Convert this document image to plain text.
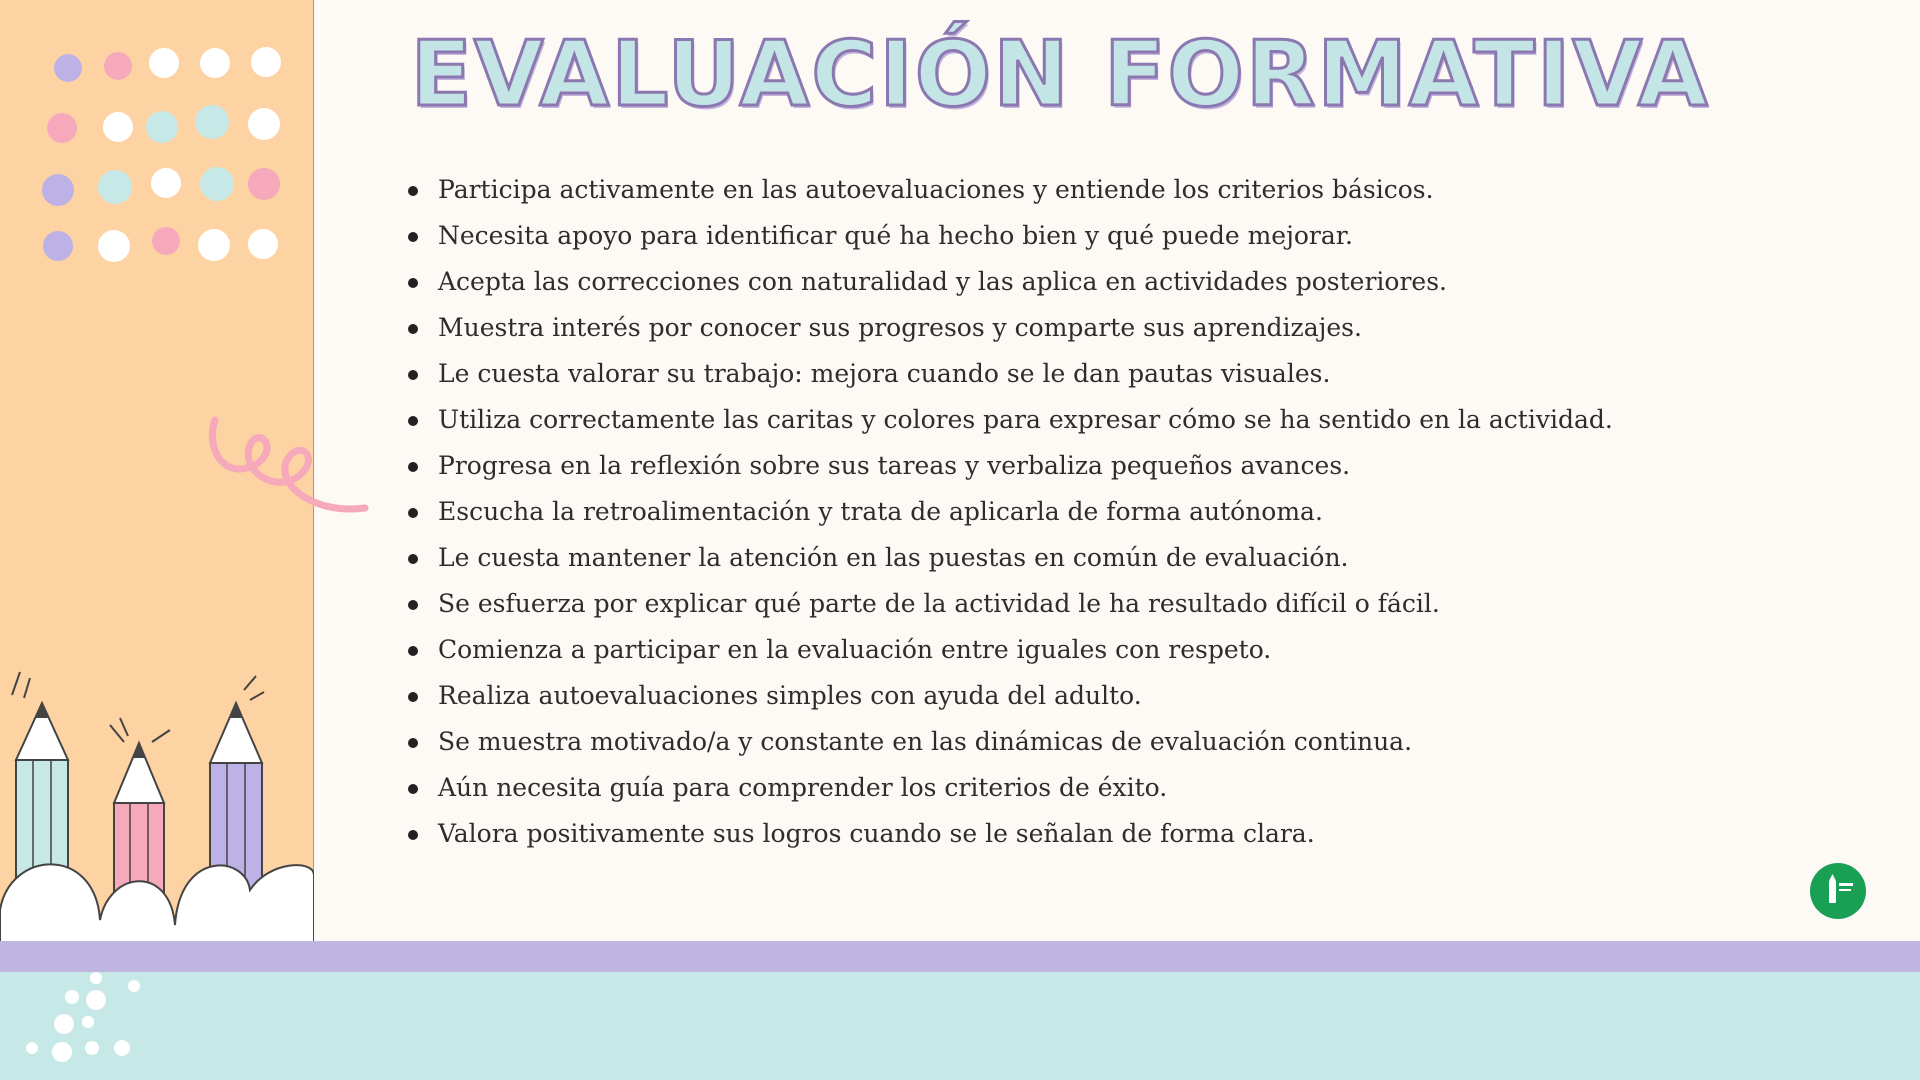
EVALUACIÓN FORMATIVA
Participa activamente en las autoevaluaciones y entiende los criterios básicos.
Necesita apoyo para identificar qué ha hecho bien y qué puede mejorar.
Acepta las correcciones con naturalidad y las aplica en actividades posteriores.
Muestra interés por conocer sus progresos y comparte sus aprendizajes.
Le cuesta valorar su trabajo: mejora cuando se le dan pautas visuales.
Utiliza correctamente las caritas y colores para expresar cómo se ha sentido en la actividad.
Progresa en la reflexión sobre sus tareas y verbaliza pequeños avances.
Escucha la retroalimentación y trata de aplicarla de forma autónoma.
Le cuesta mantener la atención en las puestas en común de evaluación.
Se esfuerza por explicar qué parte de la actividad le ha resultado difícil o fácil.
Comienza a participar en la evaluación entre iguales con respeto.
Realiza autoevaluaciones simples con ayuda del adulto.
Se muestra motivado/a y constante en las dinámicas de evaluación continua.
Aún necesita guía para comprender los criterios de éxito.
Valora positivamente sus logros cuando se le señalan de forma clara.
